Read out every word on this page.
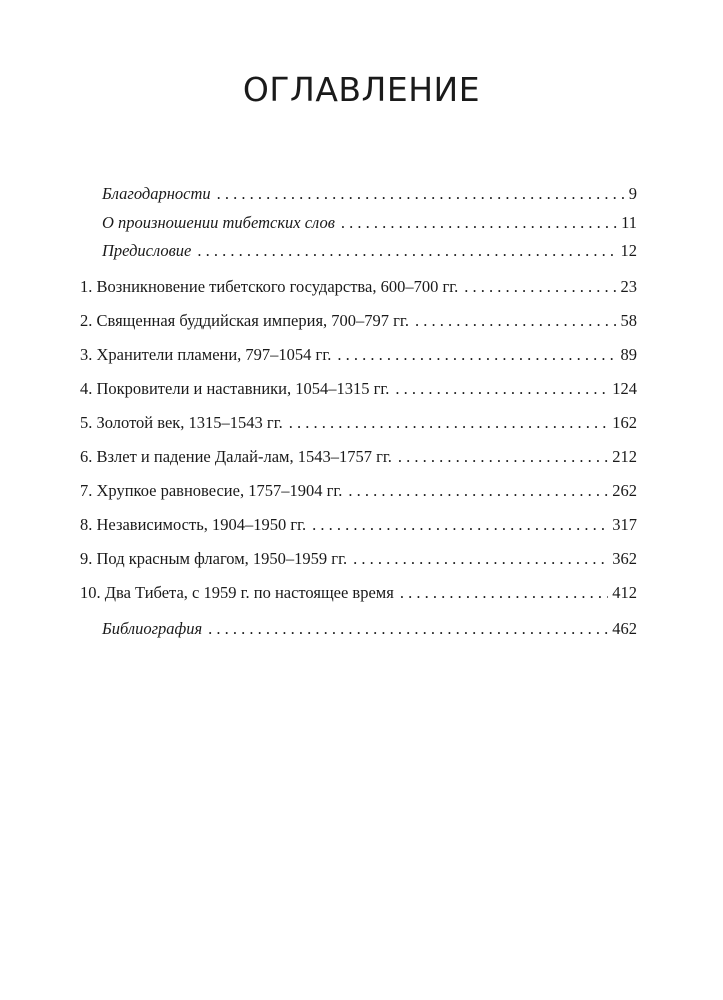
ОГЛАВЛЕНИЕ
Благодарности . . .	9
О произношении тибетских слов . . .	11
Предисловие . . .	12
1. Возникновение тибетского государства, 600–700 гг. . . .	23
2. Священная буддийская империя, 700–797 гг. . . .	58
3. Хранители пламени, 797–1054 гг. . . .	89
4. Покровители и наставники, 1054–1315 гг. . . .	124
5. Золотой век, 1315–1543 гг. . . .	162
6. Взлет и падение Далай-лам, 1543–1757 гг. . . .	212
7. Хрупкое равновесие, 1757–1904 гг. . . .	262
8. Независимость, 1904–1950 гг. . . .	317
9. Под красным флагом, 1950–1959 гг. . . .	362
10. Два Тибета, с 1959 г. по настоящее время . . .	412
Библиография . . .	462
